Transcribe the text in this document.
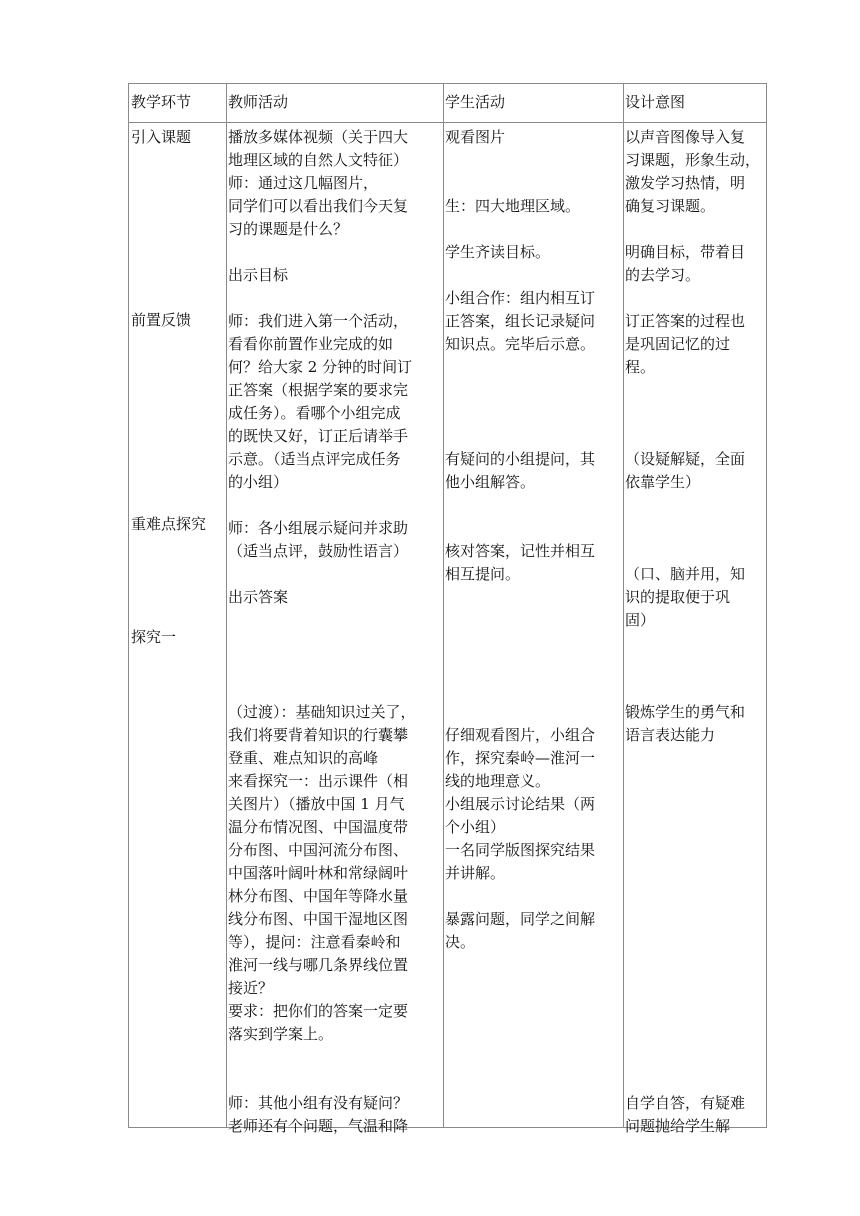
教学环节 教师活动	学生活动	设计意图
引入课题
前置反馈
重难点探究
探究一
播放多媒体视频（关于四大
地理区域的自然人文特征）
师：通过这几幅图片，
同学们可以看出我们今天复
习的课题是什么？
出示目标
师：我们进入第一个活动，
看看你前置作业完成的如
何？给大家 2 分钟的时间订
正答案（根据学案的要求完
成任务）。看哪个小组完成
的既快又好，订正后请举手
示意。（适当点评完成任务
的小组）
师：各小组展示疑问并求助
（适当点评，鼓励性语言）
出示答案
（过渡）：基础知识过关了，
我们将要背着知识的行囊攀
登重、难点知识的高峰
来看探究一：出示课件（相
关图片）（播放中国 1 月气
温分布情况图、中国温度带
分布图、中国河流分布图、
中国落叶阔叶林和常绿阔叶
林分布图、中国年等降水量
线分布图、中国干湿地区图
等），提问：注意看秦岭和
淮河一线与哪几条界线位置
接近？
要求：把你们的答案一定要
落实到学案上。
师：其他小组有没有疑问？
老师还有个问题，气温和降
观看图片
生：四大地理区域。
学生齐读目标。
小组合作：组内相互订
正答案，组长记录疑问
知识点。完毕后示意。
有疑问的小组提问，其
他小组解答。
核对答案，记性并相互
相互提问。
仔细观看图片，小组合
作，探究秦岭—淮河一
线的地理意义。
小组展示讨论结果（两
个小组）
一名同学版图探究结果
并讲解。
暴露问题，同学之间解
决。
以声音图像导入复
习课题，形象生动，
激发学习热情，明
确复习课题。
明确目标，带着目
的去学习。
订正答案的过程也
是巩固记忆的过
程。
（设疑解疑，全面
依靠学生）
（口、脑并用，知
识的提取便于巩
固）
锻炼学生的勇气和
语言表达能力
自学自答，有疑难
问题抛给学生解
